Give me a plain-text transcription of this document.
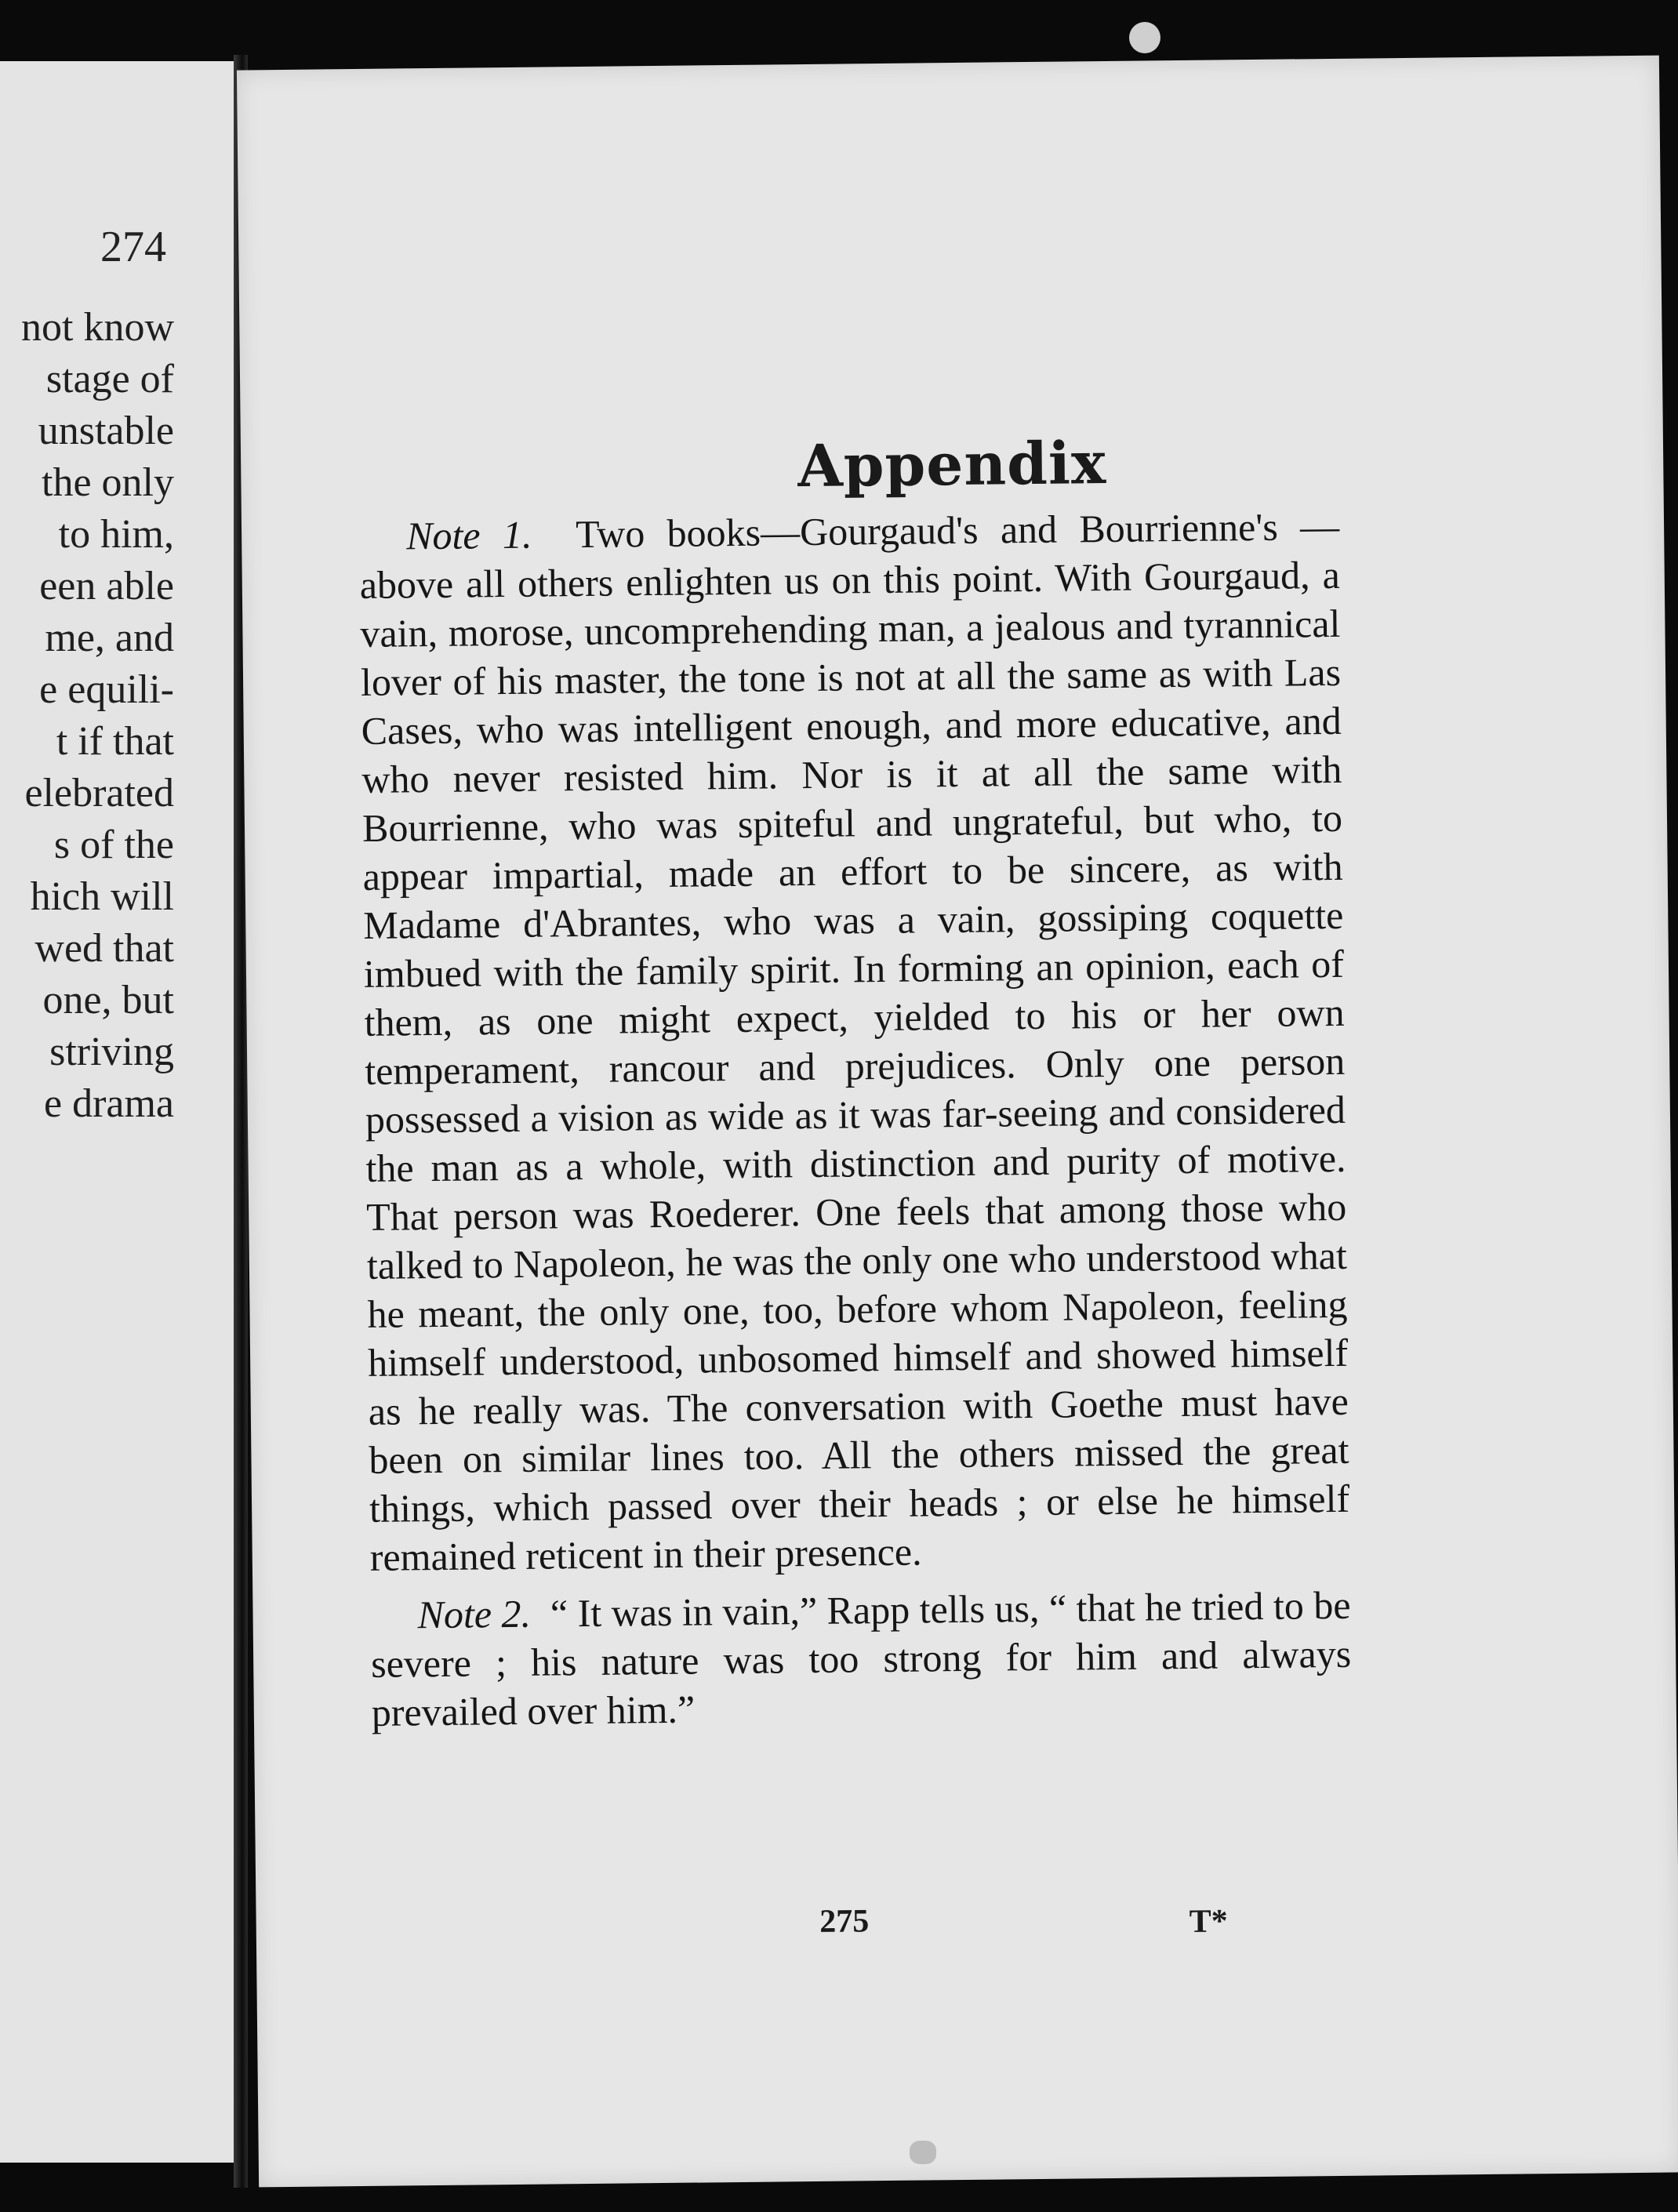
274
not know
stage of
unstable
the only
to him,
een able
me, and
e equili-
t if that
elebrated
s of the
hich will
wed that
one, but
striving
e drama
Appendix

Note 1. Two books—Gourgaud's and Bourrienne's —above all others enlighten us on this point. With Gourgaud, a vain, morose, uncomprehending man, a jealous and tyrannical lover of his master, the tone is not at all the same as with Las Cases, who was intelligent enough, and more educative, and who never resisted him. Nor is it at all the same with Bourrienne, who was spiteful and ungrateful, but who, to appear impartial, made an effort to be sincere, as with Madame d'Abrantes, who was a vain, gossiping coquette imbued with the family spirit. In forming an opinion, each of them, as one might expect, yielded to his or her own temperament, rancour and prejudices. Only one person possessed a vision as wide as it was far-seeing and considered the man as a whole, with distinction and purity of motive. That person was Roederer. One feels that among those who talked to Napoleon, he was the only one who understood what he meant, the only one, too, before whom Napoleon, feeling himself understood, unbosomed himself and showed himself as he really was. The conversation with Goethe must have been on similar lines too. All the others missed the great things, which passed over their heads ; or else he himself remained reticent in their presence.

Note 2. “ It was in vain,” Rapp tells us, “ that he tried to be severe ; his nature was too strong for him and always prevailed over him.”

275	T*
